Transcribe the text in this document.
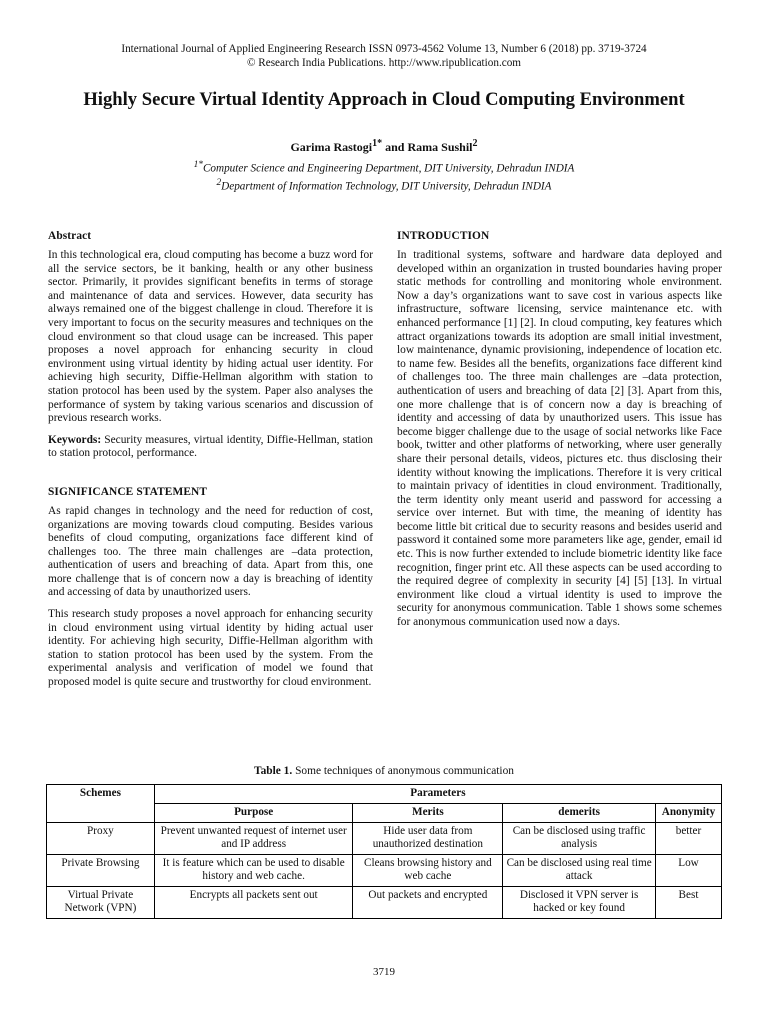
International Journal of Applied Engineering Research ISSN 0973-4562 Volume 13, Number 6 (2018) pp. 3719-3724
© Research India Publications. http://www.ripublication.com
Highly Secure Virtual Identity Approach in Cloud Computing Environment
Garima Rastogi$^{1*}$ and Rama Sushil$^2$
$^{1*}$Computer Science and Engineering Department, DIT University, Dehradun INDIA
$^2$Department of Information Technology, DIT University, Dehradun INDIA
Abstract

In this technological era, cloud computing has become a buzz word for all the service sectors, be it banking, health or any other business sector. Primarily, it provides significant benefits in terms of storage and maintenance of data and services. However, data security has always remained one of the biggest challenge in cloud. Therefore it is very important to focus on the security measures and techniques on the cloud environment so that cloud usage can be increased. This paper proposes a novel approach for enhancing security in cloud environment using virtual identity by hiding actual user identity. For achieving high security, Diffie-Hellman algorithm with station to station protocol has been used by the system. Paper also analyses the performance of system by taking various scenarios and discussion of previous research works.

Keywords: Security measures, virtual identity, Diffie-Hellman, station to station protocol, performance.

SIGNIFICANCE STATEMENT

As rapid changes in technology and the need for reduction of cost, organizations are moving towards cloud computing. Besides various benefits of cloud computing, organizations face different kind of challenges too. The three main challenges are –data protection, authentication of users and breaching of data. Apart from this, one more challenge that is of concern now a day is breaching of identity and accessing of data by unauthorized users.

This research study proposes a novel approach for enhancing security in cloud environment using virtual identity by hiding actual user identity. For achieving high security, Diffie-Hellman algorithm with station to station protocol has been used by the system. From the experimental analysis and verification of model we found that proposed model is quite secure and trustworthy for cloud environment.

INTRODUCTION

In traditional systems, software and hardware data deployed and developed within an organization in trusted boundaries having proper static methods for controlling and monitoring whole environment. Now a day’s organizations want to save cost in various aspects like infrastructure, software licensing, service maintenance etc. with enhanced performance [1] [2]. In cloud computing, key features which attract organizations towards its adoption are small initial investment, low maintenance, dynamic provisioning, independence of location etc. to name few. Besides all the benefits, organizations face different kind of challenges too. The three main challenges are –data protection, authentication of users and breaching of data [2] [3]. Apart from this, one more challenge that is of concern now a day is breaching of identity and accessing of data by unauthorized users. This issue has become bigger challenge due to the usage of social networks like Face book, twitter and other platforms of networking, where user generally share their personal details, videos, pictures etc. thus disclosing their identity without knowing the implications. Therefore it is very critical to maintain privacy of identities in cloud environment. Traditionally, the term identity only meant userid and password for accessing a service over internet. But with time, the meaning of identity has become little bit critical due to security reasons and besides userid and password it contained some more parameters like age, gender, email id etc. This is now further extended to include biometric identity like face recognition, finger print etc. All these aspects can be used according to the required degree of complexity in security [4] [5] [13]. In virtual environment like cloud a virtual identity is used to improve the security for anonymous communication. Table 1 shows some schemes for anonymous communication used now a days.

Table 1. Some techniques of anonymous communication
Schemes	Parameters			
	Purpose	Merits	demerits	Anonymity
Proxy	Prevent unwanted request of internet user and IP address	Hide user data from unauthorized destination	Can be disclosed using traffic analysis	better
Private Browsing	It is feature which can be used to disable history and web cache.	Cleans browsing history and web cache	Can be disclosed using real time attack	Low
Virtual Private Network (VPN)	Encrypts all packets sent out	Out packets and encrypted	Disclosed it VPN server is hacked or key found	Best
3719
